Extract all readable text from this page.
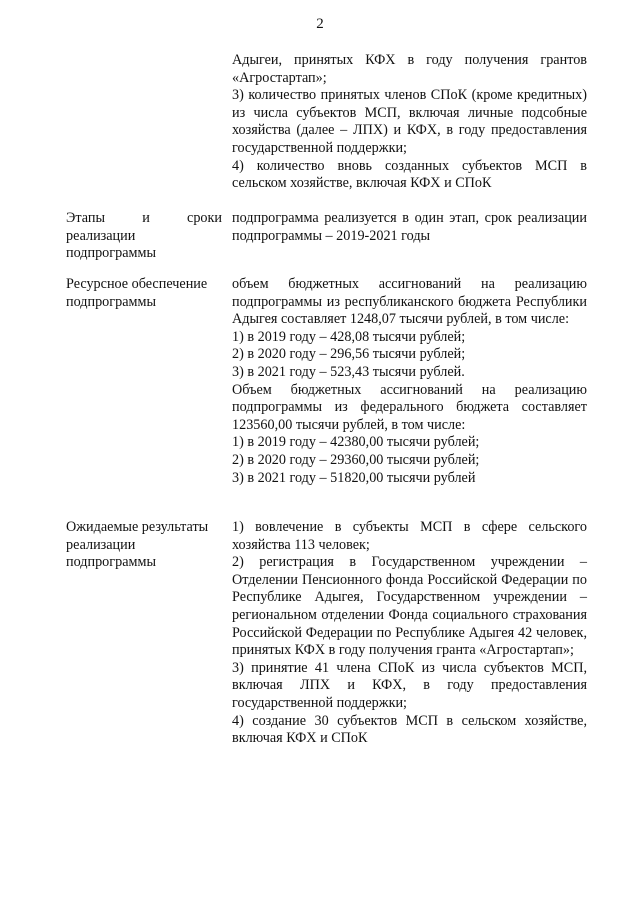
2

Адыгеи, принятых КФХ в году получения грантов «Агростартап»;

3) количество принятых членов СПоК (кроме кредитных) из числа субъектов МСП, включая личные подсобные хозяйства (далее – ЛПХ) и КФХ, в году предоставления государственной поддержки;

4) количество вновь созданных субъектов МСП в сельском хозяйстве, включая КФХ и СПоК

Этапы и сроки
реализации
подпрограммы

подпрограмма реализуется в один этап, срок реализации подпрограммы – 2019-2021 годы

Ресурсное обеспечение
подпрограммы

объем бюджетных ассигнований на реализацию подпрограммы из республиканского бюджета Республики Адыгея составляет 1248,07 тысячи рублей, в том числе:

1) в 2019 году – 428,08 тысячи рублей;

2) в 2020 году – 296,56 тысячи рублей;

3) в 2021 году – 523,43 тысячи рублей.

Объем бюджетных ассигнований на реализацию подпрограммы из федерального бюджета составляет 123560,00 тысячи рублей, в том числе:

1) в 2019 году – 42380,00 тысячи рублей;

2) в 2020 году – 29360,00 тысячи рублей;

3) в 2021 году – 51820,00 тысячи рублей

Ожидаемые результаты
реализации
подпрограммы

1) вовлечение в субъекты МСП в сфере сельского хозяйства 113 человек;

2) регистрация в Государственном учреждении – Отделении Пенсионного фонда Российской Федерации по Республике Адыгея, Государственном учреждении – региональном отделении Фонда социального страхования Российской Федерации по Республике Адыгея 42 человек, принятых КФХ в году получения гранта «Агростартап»;

3) принятие 41 члена СПоК из числа субъектов МСП, включая ЛПХ и КФХ, в году предоставления государственной поддержки;

4) создание 30 субъектов МСП в сельском хозяйстве, включая КФХ и СПоК
